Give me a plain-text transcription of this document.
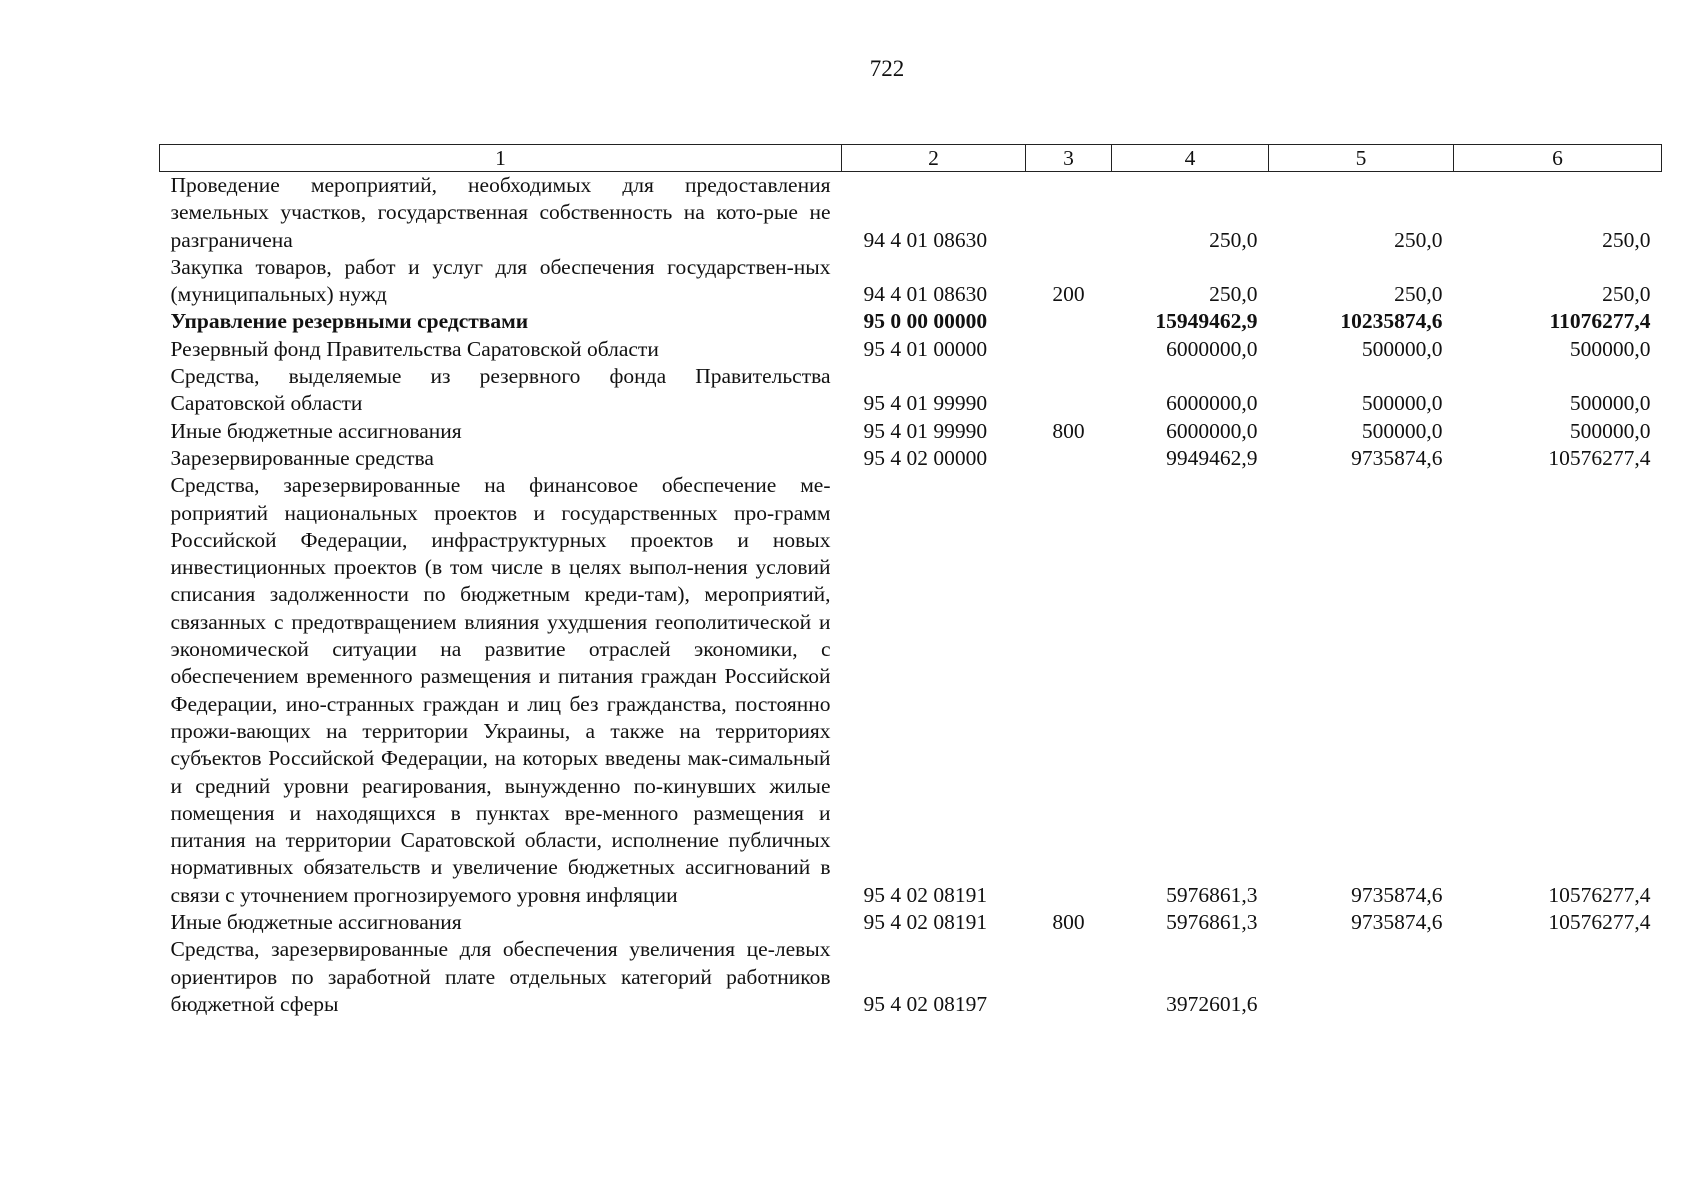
722
1	2	3	4	5	6
Проведение мероприятий, необходимых для предоставления земельных участков, государственная собственность на кото-рые не разграничена	94 4 01 08630		250,0	250,0	250,0
Закупка товаров, работ и услуг для обеспечения государствен-ных (муниципальных) нужд	94 4 01 08630	200	250,0	250,0	250,0
Управление резервными средствами	95 0 00 00000		15949462,9	10235874,6	11076277,4
Резервный фонд Правительства Саратовской области	95 4 01 00000		6000000,0	500000,0	500000,0
Средства, выделяемые из резервного фонда Правительства Саратовской области	95 4 01 99990		6000000,0	500000,0	500000,0
Иные бюджетные ассигнования	95 4 01 99990	800	6000000,0	500000,0	500000,0
Зарезервированные средства	95 4 02 00000		9949462,9	9735874,6	10576277,4
Средства, зарезервированные на финансовое обеспечение ме-роприятий национальных проектов и государственных про-грамм Российской Федерации, инфраструктурных проектов и новых инвестиционных проектов (в том числе в целях выпол-нения условий списания задолженности по бюджетным креди-там), мероприятий, связанных с предотвращением влияния ухудшения геополитической и экономической ситуации на развитие отраслей экономики, с обеспечением временного размещения и питания граждан Российской Федерации, ино-странных граждан и лиц без гражданства, постоянно прожи-вающих на территории Украины, а также на территориях субъектов Российской Федерации, на которых введены мак-симальный и средний уровни реагирования, вынужденно по-кинувших жилые помещения и находящихся в пунктах вре-менного размещения и питания на территории Саратовской области, исполнение публичных нормативных обязательств и увеличение бюджетных ассигнований в связи с уточнением прогнозируемого уровня инфляции	95 4 02 08191		5976861,3	9735874,6	10576277,4
Иные бюджетные ассигнования	95 4 02 08191	800	5976861,3	9735874,6	10576277,4
Средства, зарезервированные для обеспечения увеличения це-левых ориентиров по заработной плате отдельных категорий работников бюджетной сферы	95 4 02 08197		3972601,6		
